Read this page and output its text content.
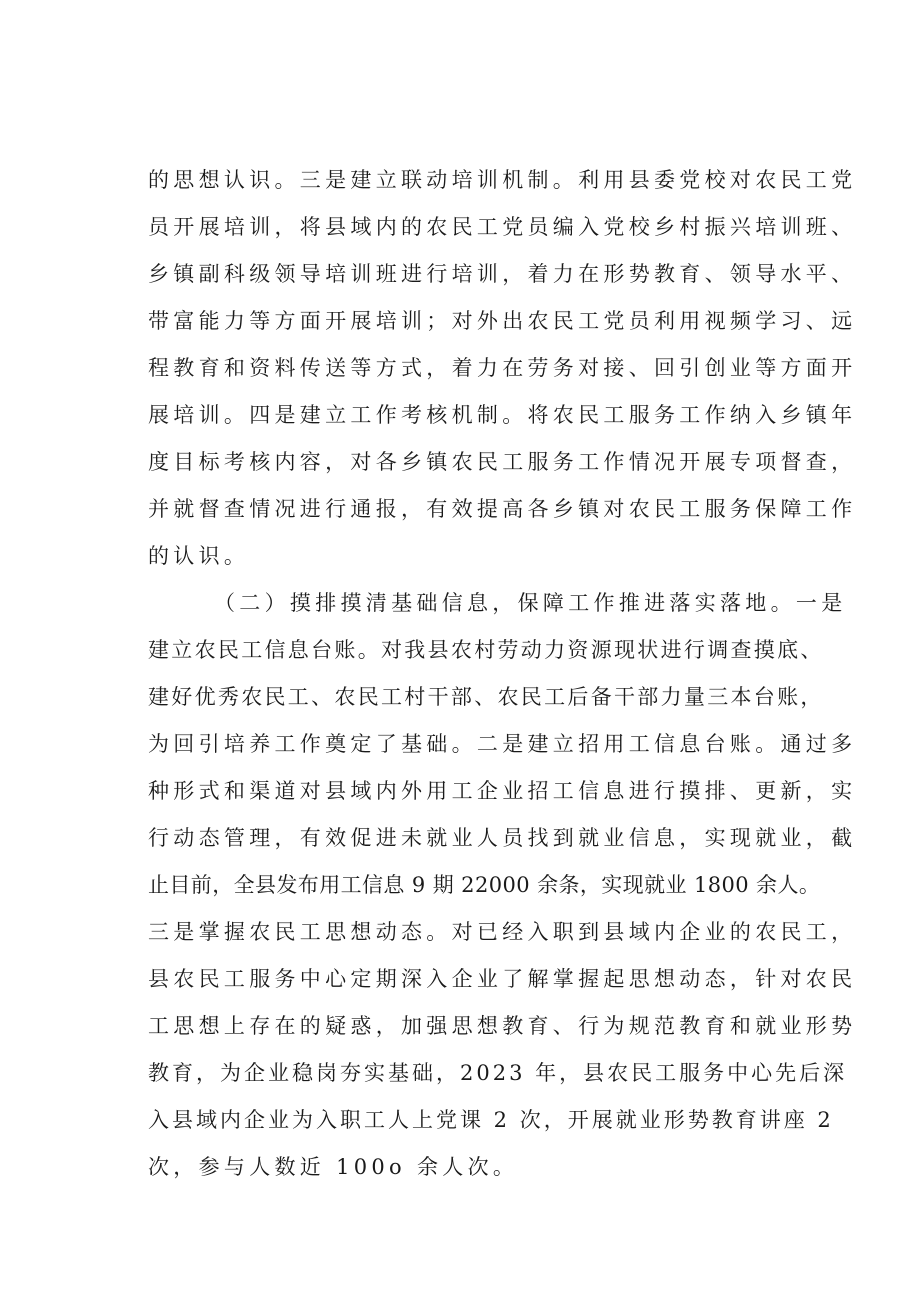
的思想认识。三是建立联动培训机制。利用县委党校对农民工党
员开展培训，将县域内的农民工党员编入党校乡村振兴培训班、
乡镇副科级领导培训班进行培训，着力在形势教育、领导水平、
带富能力等方面开展培训；对外出农民工党员利用视频学习、远
程教育和资料传送等方式，着力在劳务对接、回引创业等方面开
展培训。四是建立工作考核机制。将农民工服务工作纳入乡镇年
度目标考核内容，对各乡镇农民工服务工作情况开展专项督查，
并就督查情况进行通报，有效提高各乡镇对农民工服务保障工作
的认识。
（二）摸排摸清基础信息，保障工作推进落实落地。一是
建立农民工信息台账。对我县农村劳动力资源现状进行调查摸底、
建好优秀农民工、农民工村干部、农民工后备干部力量三本台账，
为回引培养工作奠定了基础。二是建立招用工信息台账。通过多
种形式和渠道对县域内外用工企业招工信息进行摸排、更新，实
行动态管理，有效促进未就业人员找到就业信息，实现就业，截
止目前，全县发布用工信息 9 期 22000 余条，实现就业 1800 余人。
三是掌握农民工思想动态。对已经入职到县域内企业的农民工，
县农民工服务中心定期深入企业了解掌握起思想动态，针对农民
工思想上存在的疑惑，加强思想教育、行为规范教育和就业形势
教育，为企业稳岗夯实基础，2023 年，县农民工服务中心先后深
入县域内企业为入职工人上党课 2 次，开展就业形势教育讲座 2
次，参与人数近 100o 余人次。
